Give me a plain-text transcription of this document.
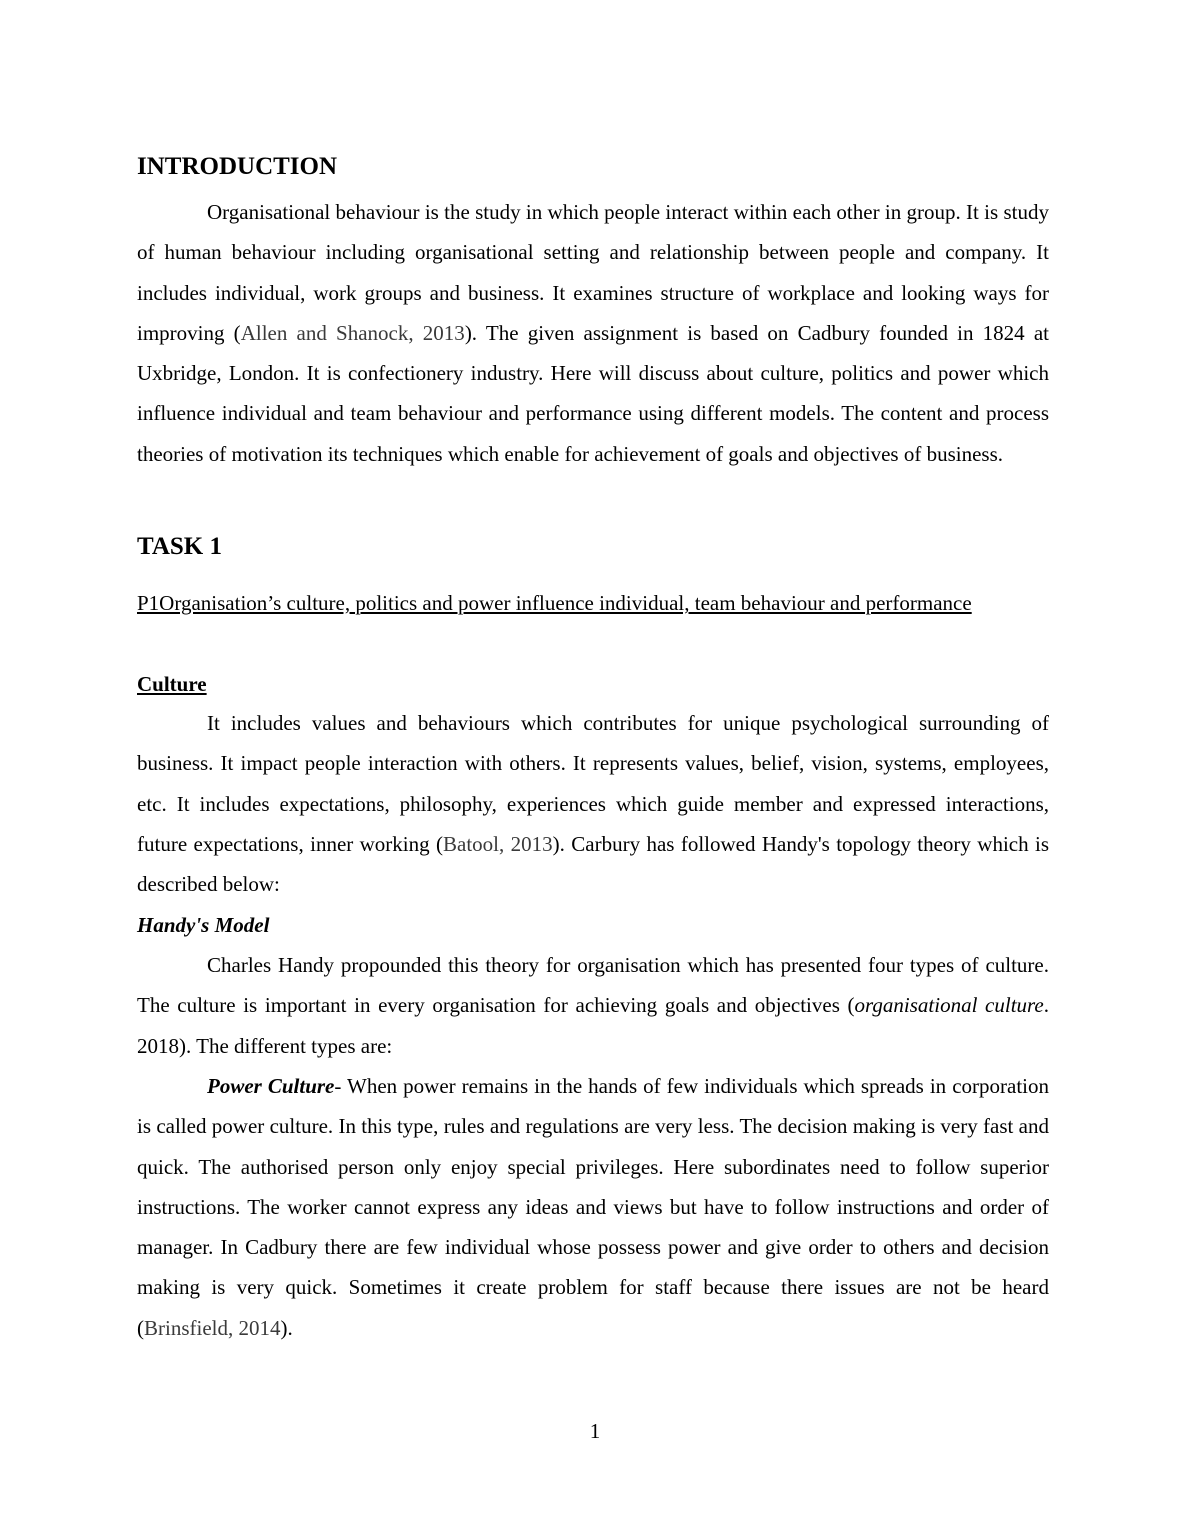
INTRODUCTION

Organisational behaviour is the study in which people interact within each other in group. It is study of human behaviour including organisational setting and relationship between people and company. It includes individual, work groups and business. It examines structure of workplace and looking ways for improving (Allen and Shanock, 2013). The given assignment is based on Cadbury founded in 1824 at Uxbridge, London. It is confectionery industry. Here will discuss about culture, politics and power which influence individual and team behaviour and performance using different models. The content and process theories of motivation its techniques which enable for achievement of goals and objectives of business.

TASK 1

P1Organisation’s culture, politics and power influence individual, team behaviour and performance

Culture

It includes values and behaviours which contributes for unique psychological surrounding of business. It impact people interaction with others. It represents values, belief, vision, systems, employees, etc. It includes expectations, philosophy, experiences which guide member and expressed interactions, future expectations, inner working (Batool, 2013). Carbury has followed Handy's topology theory which is described below:

Handy's Model

Charles Handy propounded this theory for organisation which has presented four types of culture. The culture is important in every organisation for achieving goals and objectives (organisational culture. 2018). The different types are:

Power Culture- When power remains in the hands of few individuals which spreads in corporation is called power culture. In this type, rules and regulations are very less. The decision making is very fast and quick. The authorised person only enjoy special privileges. Here subordinates need to follow superior instructions. The worker cannot express any ideas and views but have to follow instructions and order of manager. In Cadbury there are few individual whose possess power and give order to others and decision making is very quick. Sometimes it create problem for staff because there issues are not be heard (Brinsfield, 2014).

1
